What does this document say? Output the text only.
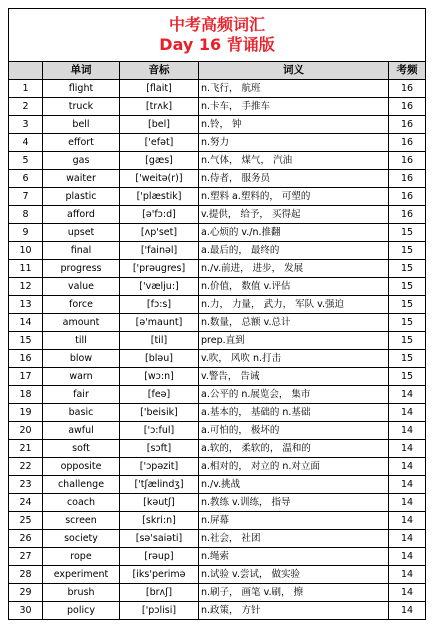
中考高频词汇
Day 16 背诵版				

	单词	音标	词义	考频
1	flight	[flait]	n.飞行， 航班	16
2	truck	[trʌk]	n.卡车， 手推车	16
3	bell	[bel]	n.铃， 钟	16
4	effort	['efət]	n.努力	16
5	gas	[gæs]	n.气体， 煤气， 汽油	16
6	waiter	['weitə(r)]	n.侍者， 服务员	16
7	plastic	['plæstik]	n.塑料 a.塑料的， 可塑的	16
8	afford	[ə'fɔ:d]	v.提供， 给予， 买得起	16
9	upset	[ʌp'set]	a.心烦的 v./n.推翻	15
10	final	['fainəl]	a.最后的， 最终的	15
11	progress	['prəugres]	n./v.前进， 进步， 发展	15
12	value	['vælju:]	n.价值， 数值 v.评估	15
13	force	[fɔ:s]	n.力， 力量， 武力， 军队 v.强迫	15
14	amount	[ə'maunt]	n.数量， 总额 v.总计	15
15	till	[til]	prep.直到	15
16	blow	[bləu]	v.吹， 风吹 n.打击	15
17	warn	[wɔ:n]	v.警告， 告诫	15
18	fair	[feə]	a.公平的 n.展览会， 集市	14
19	basic	['beisik]	a.基本的， 基础的 n.基础	14
20	awful	['ɔ:ful]	a.可怕的， 极坏的	14
21	soft	[sɔft]	a.软的， 柔软的， 温和的	14
22	opposite	['ɔpəzit]	a.相对的， 对立的 n.对立面	14
23	challenge	['tʃælindʒ]	n./v.挑战	14
24	coach	[kəutʃ]	n.教练 v.训练， 指导	14
25	screen	[skri:n]	n.屏幕	14
26	society	[sə'saiəti]	n.社会， 社团	14
27	rope	[rəup]	n.绳索	14
28	experiment	[iks'perimə	n.试验 v.尝试， 做实验	14
29	brush	[brʌʃ]	n.刷子， 画笔 v.刷， 擦	14
30	policy	['pɔlisi]	n.政策， 方针	14
